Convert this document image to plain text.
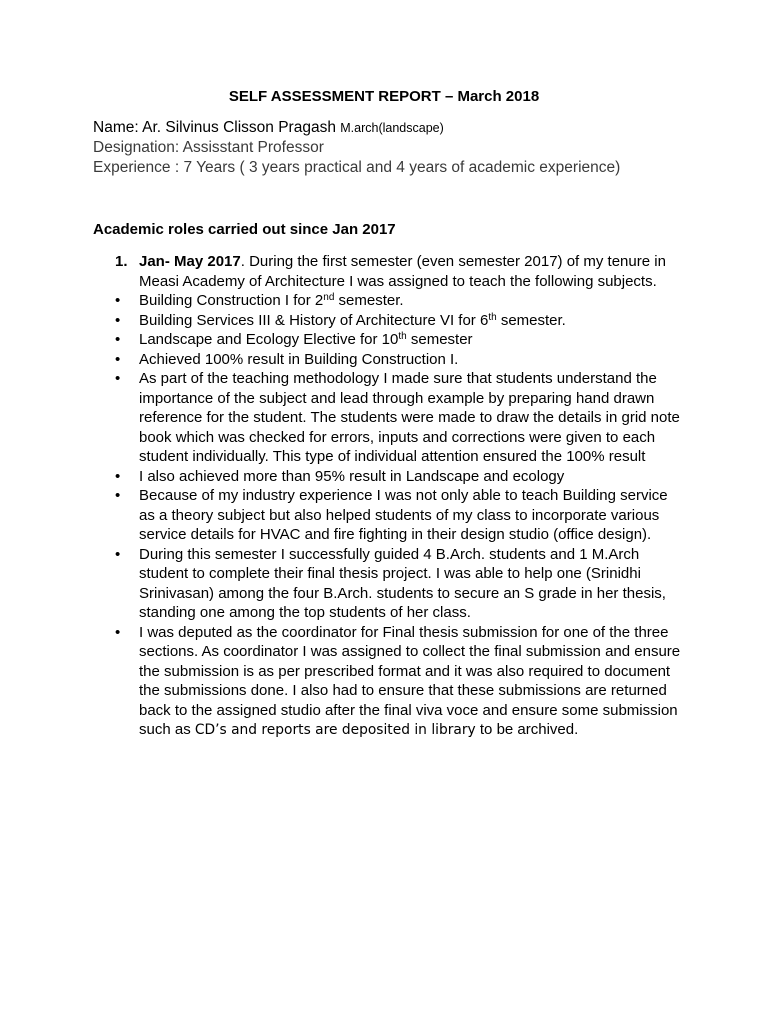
SELF ASSESSMENT REPORT – March 2018

Name: Ar. Silvinus Clisson Pragash M.arch(landscape)
Designation: Assisstant Professor
Experience : 7 Years ( 3 years practical and 4 years of academic experience)

Academic roles carried out since Jan 2017

1. Jan- May 2017. During the first semester (even semester 2017) of my tenure in Measi Academy of Architecture I was assigned to teach the following subjects.
• Building Construction I for 2nd semester.
• Building Services III & History of Architecture VI for 6th semester.
• Landscape and Ecology Elective for 10th semester
• Achieved 100% result in Building Construction I.
• As part of the teaching methodology I made sure that students understand the importance of the subject and lead through example by preparing hand drawn reference for the student. The students were made to draw the details in grid note book which was checked for errors, inputs and corrections were given to each student individually. This type of individual attention ensured the 100% result
• I also achieved more than 95% result in Landscape and ecology
• Because of my industry experience I was not only able to teach Building service as a theory subject but also helped students of my class to incorporate various service details for HVAC and fire fighting in their design studio (office design).
• During this semester I successfully guided 4 B.Arch. students and 1 M.Arch student to complete their final thesis project. I was able to help one (Srinidhi Srinivasan) among the four B.Arch. students to secure an S grade in her thesis, standing one among the top students of her class.
• I was deputed as the coordinator for Final thesis submission for one of the three sections. As coordinator I was assigned to collect the final submission and ensure the submission is as per prescribed format and it was also required to document the submissions done. I also had to ensure that these submissions are returned back to the assigned studio after the final viva voce and ensure some submission such as CD’s and reports are deposited in library to be archived.
